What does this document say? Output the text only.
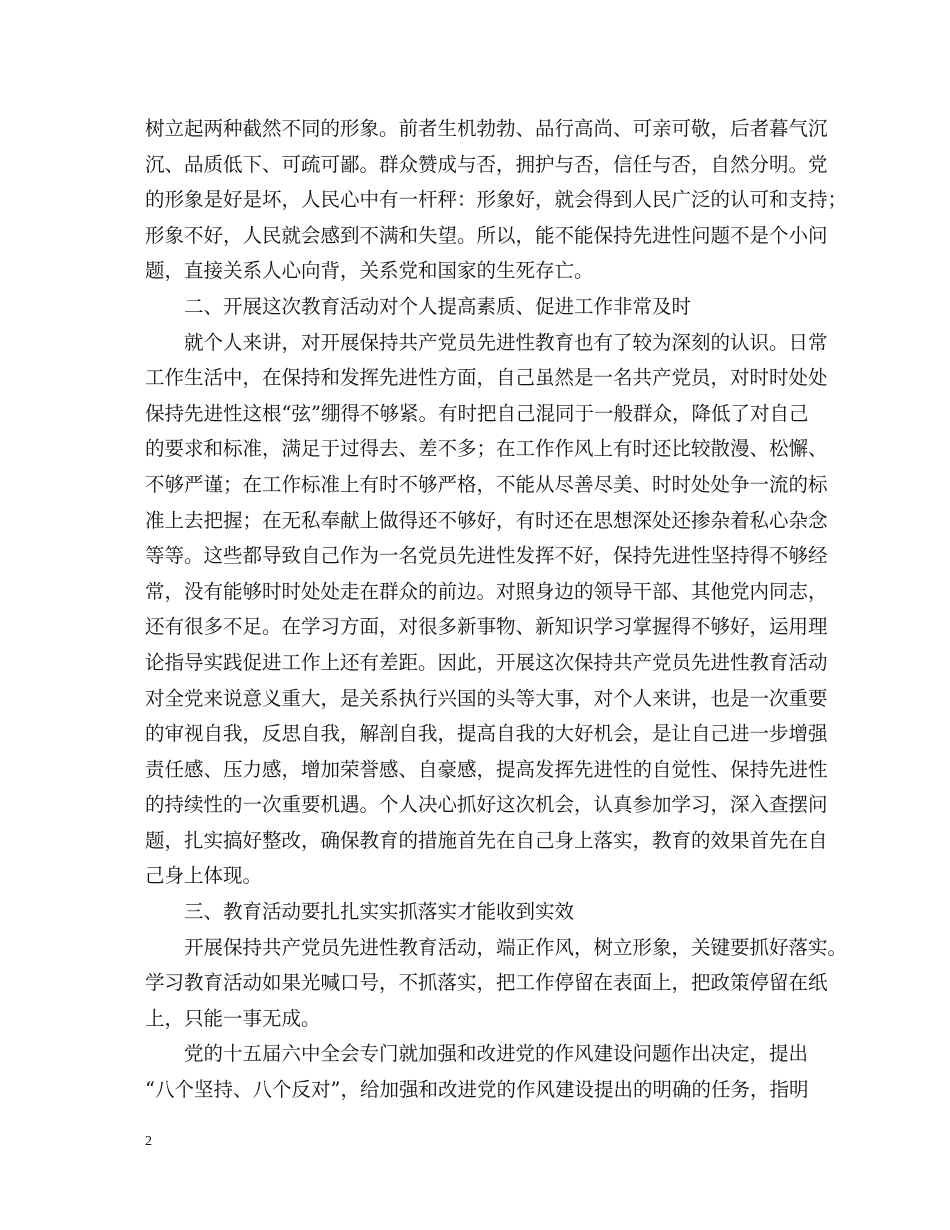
树立起两种截然不同的形象。前者生机勃勃、品行高尚、可亲可敬，后者暮气沉
沉、品质低下、可疏可鄙。群众赞成与否，拥护与否，信任与否，自然分明。党
的形象是好是坏，人民心中有一杆秤：形象好，就会得到人民广泛的认可和支持；
形象不好，人民就会感到不满和失望。所以，能不能保持先进性问题不是个小问
题，直接关系人心向背，关系党和国家的生死存亡。
二、开展这次教育活动对个人提高素质、促进工作非常及时
就个人来讲，对开展保持共产党员先进性教育也有了较为深刻的认识。日常
工作生活中，在保持和发挥先进性方面，自己虽然是一名共产党员，对时时处处
保持先进性这根“弦”绷得不够紧。有时把自己混同于一般群众，降低了对自己
的要求和标准，满足于过得去、差不多；在工作作风上有时还比较散漫、松懈、
不够严谨；在工作标准上有时不够严格，不能从尽善尽美、时时处处争一流的标
准上去把握；在无私奉献上做得还不够好，有时还在思想深处还掺杂着私心杂念
等等。这些都导致自己作为一名党员先进性发挥不好，保持先进性坚持得不够经
常，没有能够时时处处走在群众的前边。对照身边的领导干部、其他党内同志，
还有很多不足。在学习方面，对很多新事物、新知识学习掌握得不够好，运用理
论指导实践促进工作上还有差距。因此，开展这次保持共产党员先进性教育活动
对全党来说意义重大，是关系执行兴国的头等大事，对个人来讲，也是一次重要
的审视自我，反思自我，解剖自我，提高自我的大好机会，是让自己进一步增强
责任感、压力感，增加荣誉感、自豪感，提高发挥先进性的自觉性、保持先进性
的持续性的一次重要机遇。个人决心抓好这次机会，认真参加学习，深入查摆问
题，扎实搞好整改，确保教育的措施首先在自己身上落实，教育的效果首先在自
己身上体现。
三、教育活动要扎扎实实抓落实才能收到实效
开展保持共产党员先进性教育活动，端正作风，树立形象，关键要抓好落实。
学习教育活动如果光喊口号，不抓落实，把工作停留在表面上，把政策停留在纸
上，只能一事无成。
党的十五届六中全会专门就加强和改进党的作风建设问题作出决定，提出
“八个坚持、八个反对”，给加强和改进党的作风建设提出的明确的任务，指明
2
